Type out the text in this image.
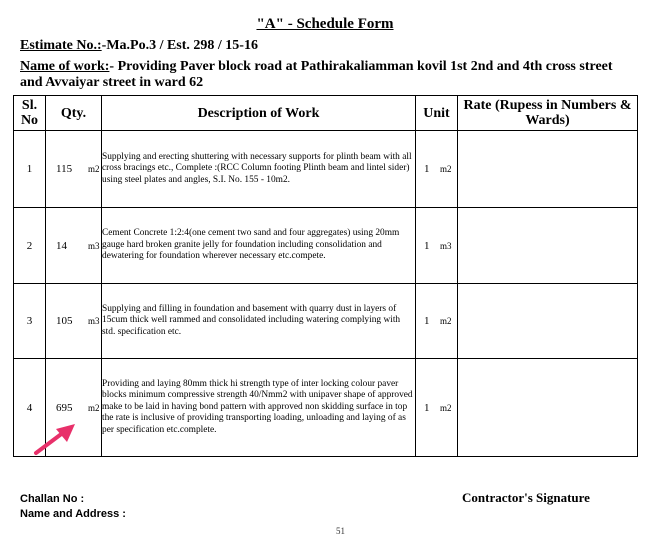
"A" - Schedule Form
Estimate No.:-Ma.Po.3 / Est. 298 / 15-16
Name of work:- Providing Paver block road at Pathirakaliamman kovil 1st 2nd and 4th cross street and Avvaiyar street in ward 62
Sl. No	Qty.	Description of Work	Unit	Rate (Rupess in Numbers & Wards)
1	115 m2	Supplying and erecting shuttering with necessary supports for plinth beam with all cross bracings etc., Complete :(RCC Column footing Plinth beam and lintel sider) using steel plates and angles, S.I. No. 155 - 10m2.	1 m2	

2	14 m3	Cement Concrete 1:2:4(one cement two sand and four aggregates) using 20mm gauge hard broken granite jelly for foundation including consolidation and dewatering for foundation wherever necessary etc.compete.	1 m3	

3	105 m3	Supplying and filling in foundation and basement with quarry dust in layers of 15cum thick well rammed and consolidated including watering complying with std. specification etc.	1 m2	

4	695 m2	Providing and laying 80mm thick hi strength type of inter locking colour paver blocks minimum compressive strength 40/Nmm2 with unipaver shape of approved make to be laid in having bond pattern with approved non skidding surface in top the rate is inclusive of providing transporting loading, unloading and laying of as per specification etc.complete.	1 m2	

Challan No :
Name and Address :
Contractor's Signature
51
